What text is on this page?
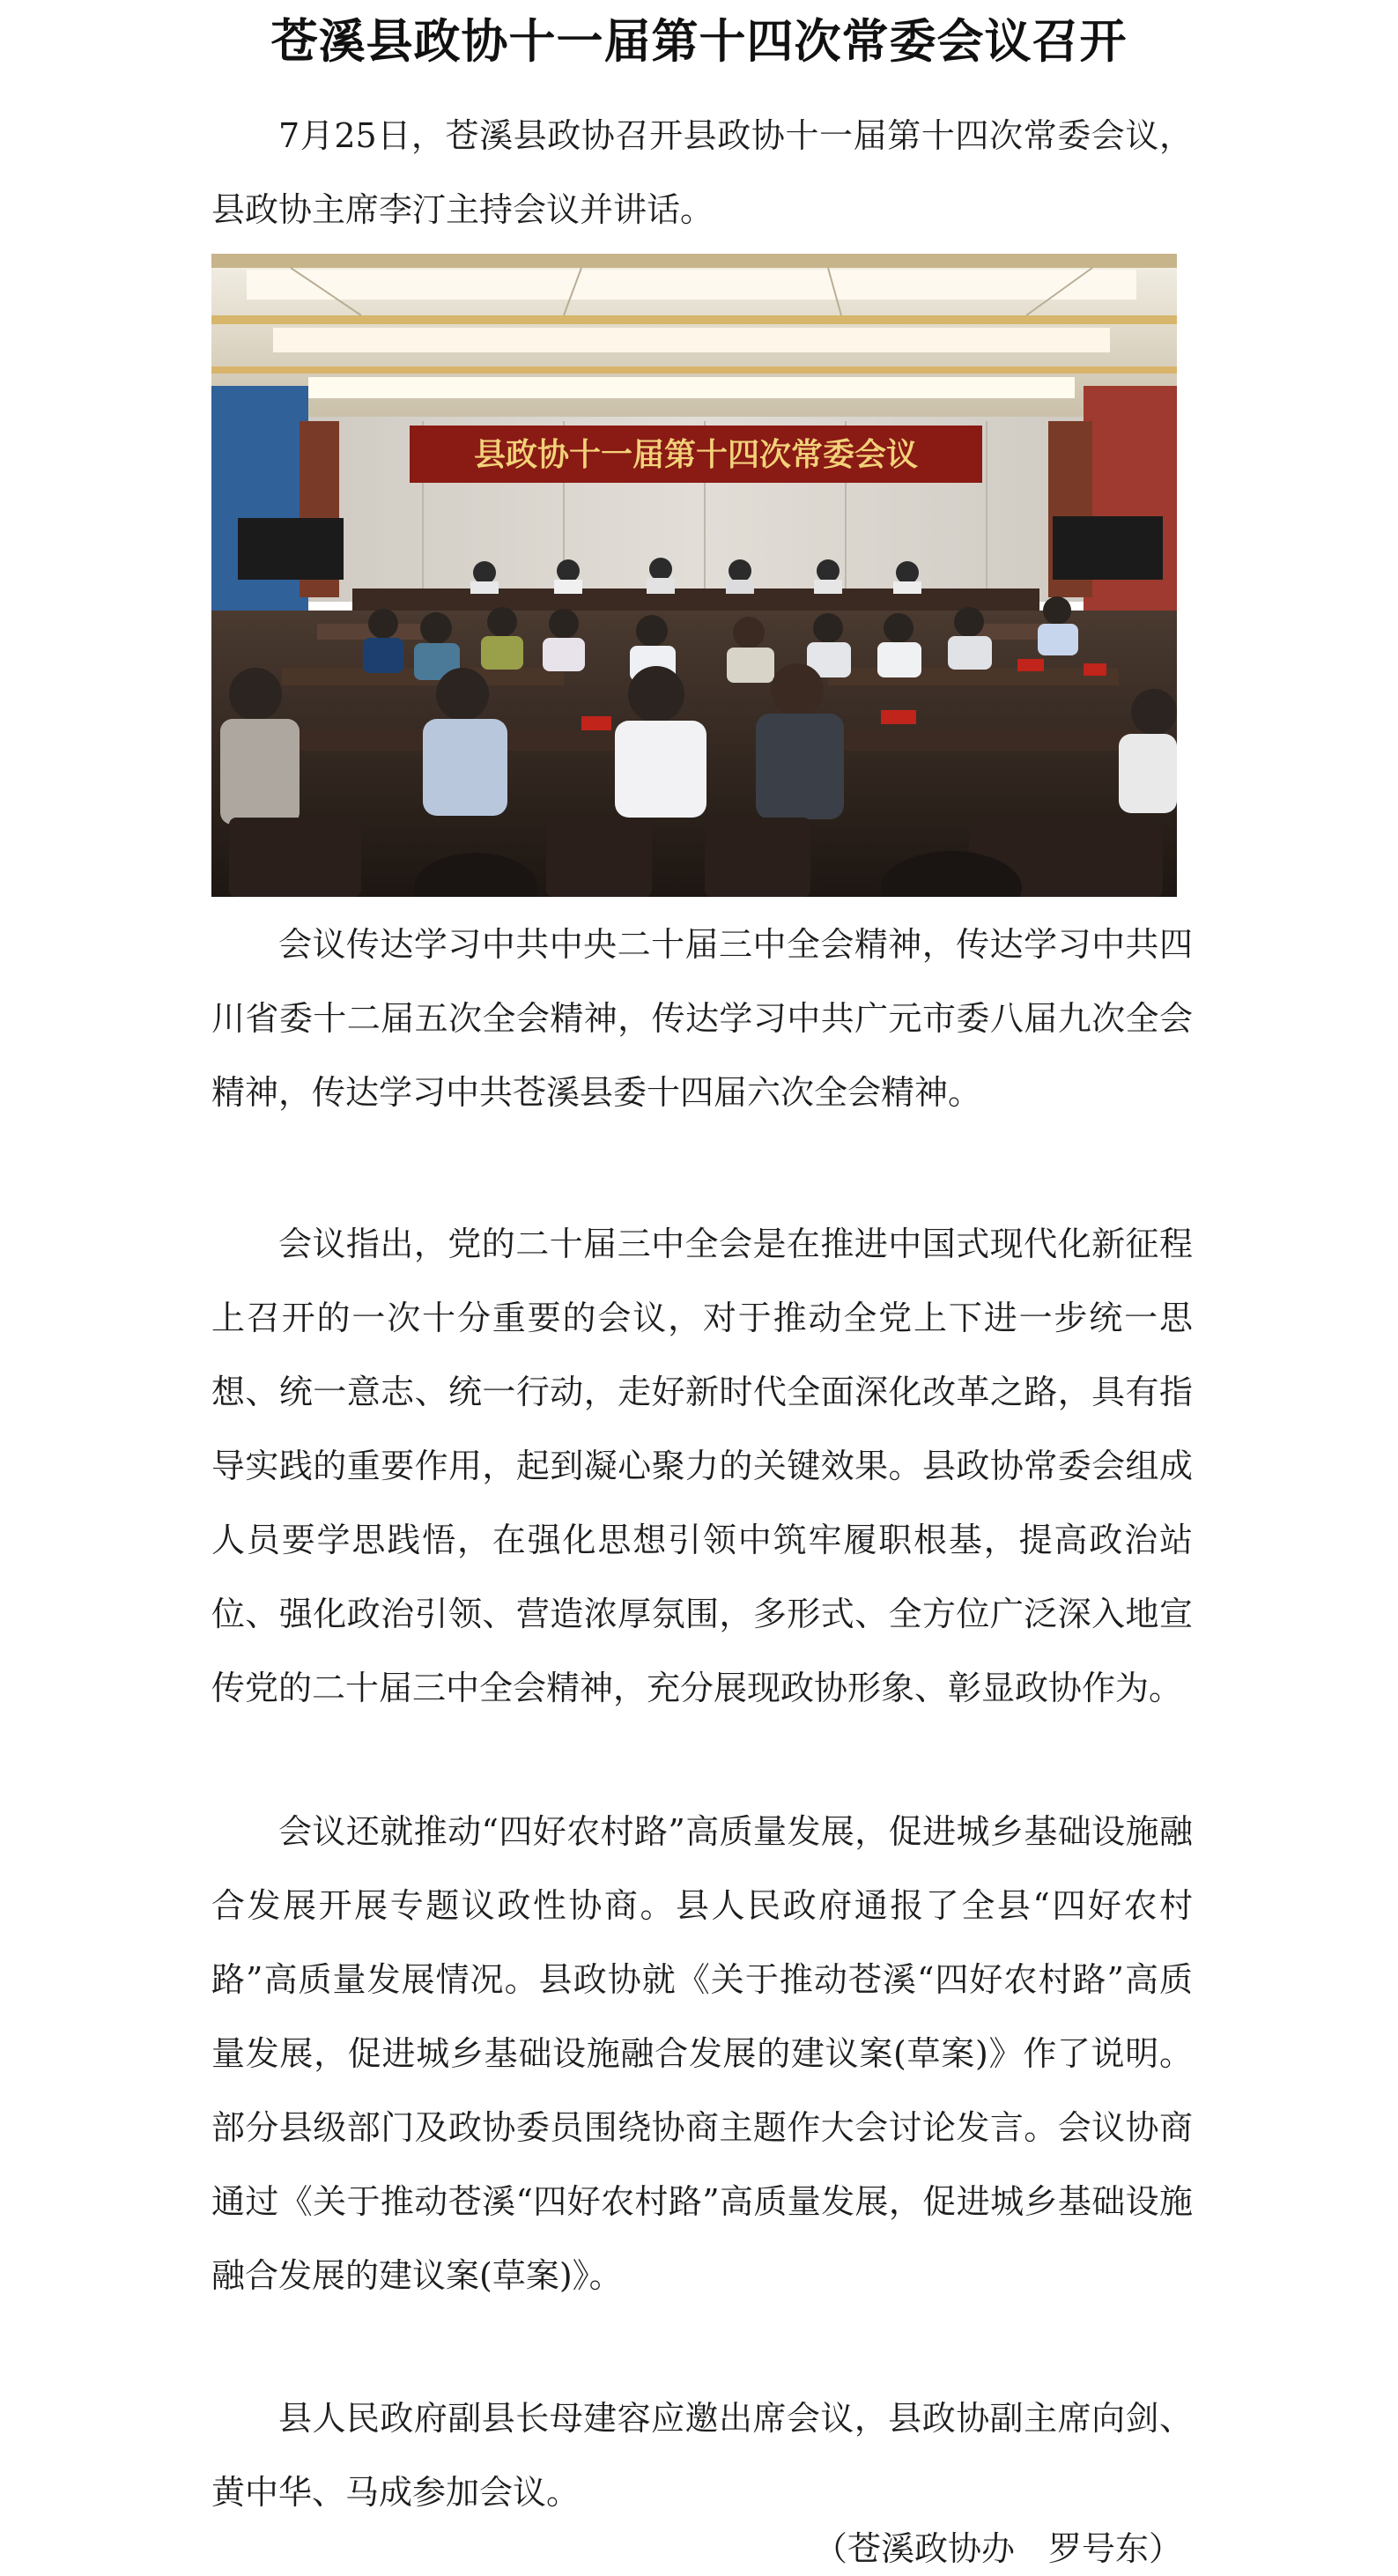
苍溪县政协十一届第十四次常委会议召开

7月25日，苍溪县政协召开县政协十一届第十四次常委会议，县政协主席李汀主持会议并讲话。

县政协十一届第十四次常委会议

会议传达学习中共中央二十届三中全会精神，传达学习中共四川省委十二届五次全会精神，传达学习中共广元市委八届九次全会精神，传达学习中共苍溪县委十四届六次全会精神。

会议指出，党的二十届三中全会是在推进中国式现代化新征程上召开的一次十分重要的会议，对于推动全党上下进一步统一思想、统一意志、统一行动，走好新时代全面深化改革之路，具有指导实践的重要作用，起到凝心聚力的关键效果。县政协常委会组成人员要学思践悟，在强化思想引领中筑牢履职根基，提高政治站位、强化政治引领、营造浓厚氛围，多形式、全方位广泛深入地宣传党的二十届三中全会精神，充分展现政协形象、彰显政协作为。

会议还就推动“四好农村路”高质量发展，促进城乡基础设施融合发展开展专题议政性协商。县人民政府通报了全县“四好农村路”高质量发展情况。县政协就《关于推动苍溪“四好农村路”高质量发展，促进城乡基础设施融合发展的建议案(草案)》作了说明。部分县级部门及政协委员围绕协商主题作大会讨论发言。会议协商通过《关于推动苍溪“四好农村路”高质量发展，促进城乡基础设施融合发展的建议案(草案)》。

县人民政府副县长母建容应邀出席会议，县政协副主席向剑、黄中华、马成参加会议。

（苍溪政协办　罗号东）
